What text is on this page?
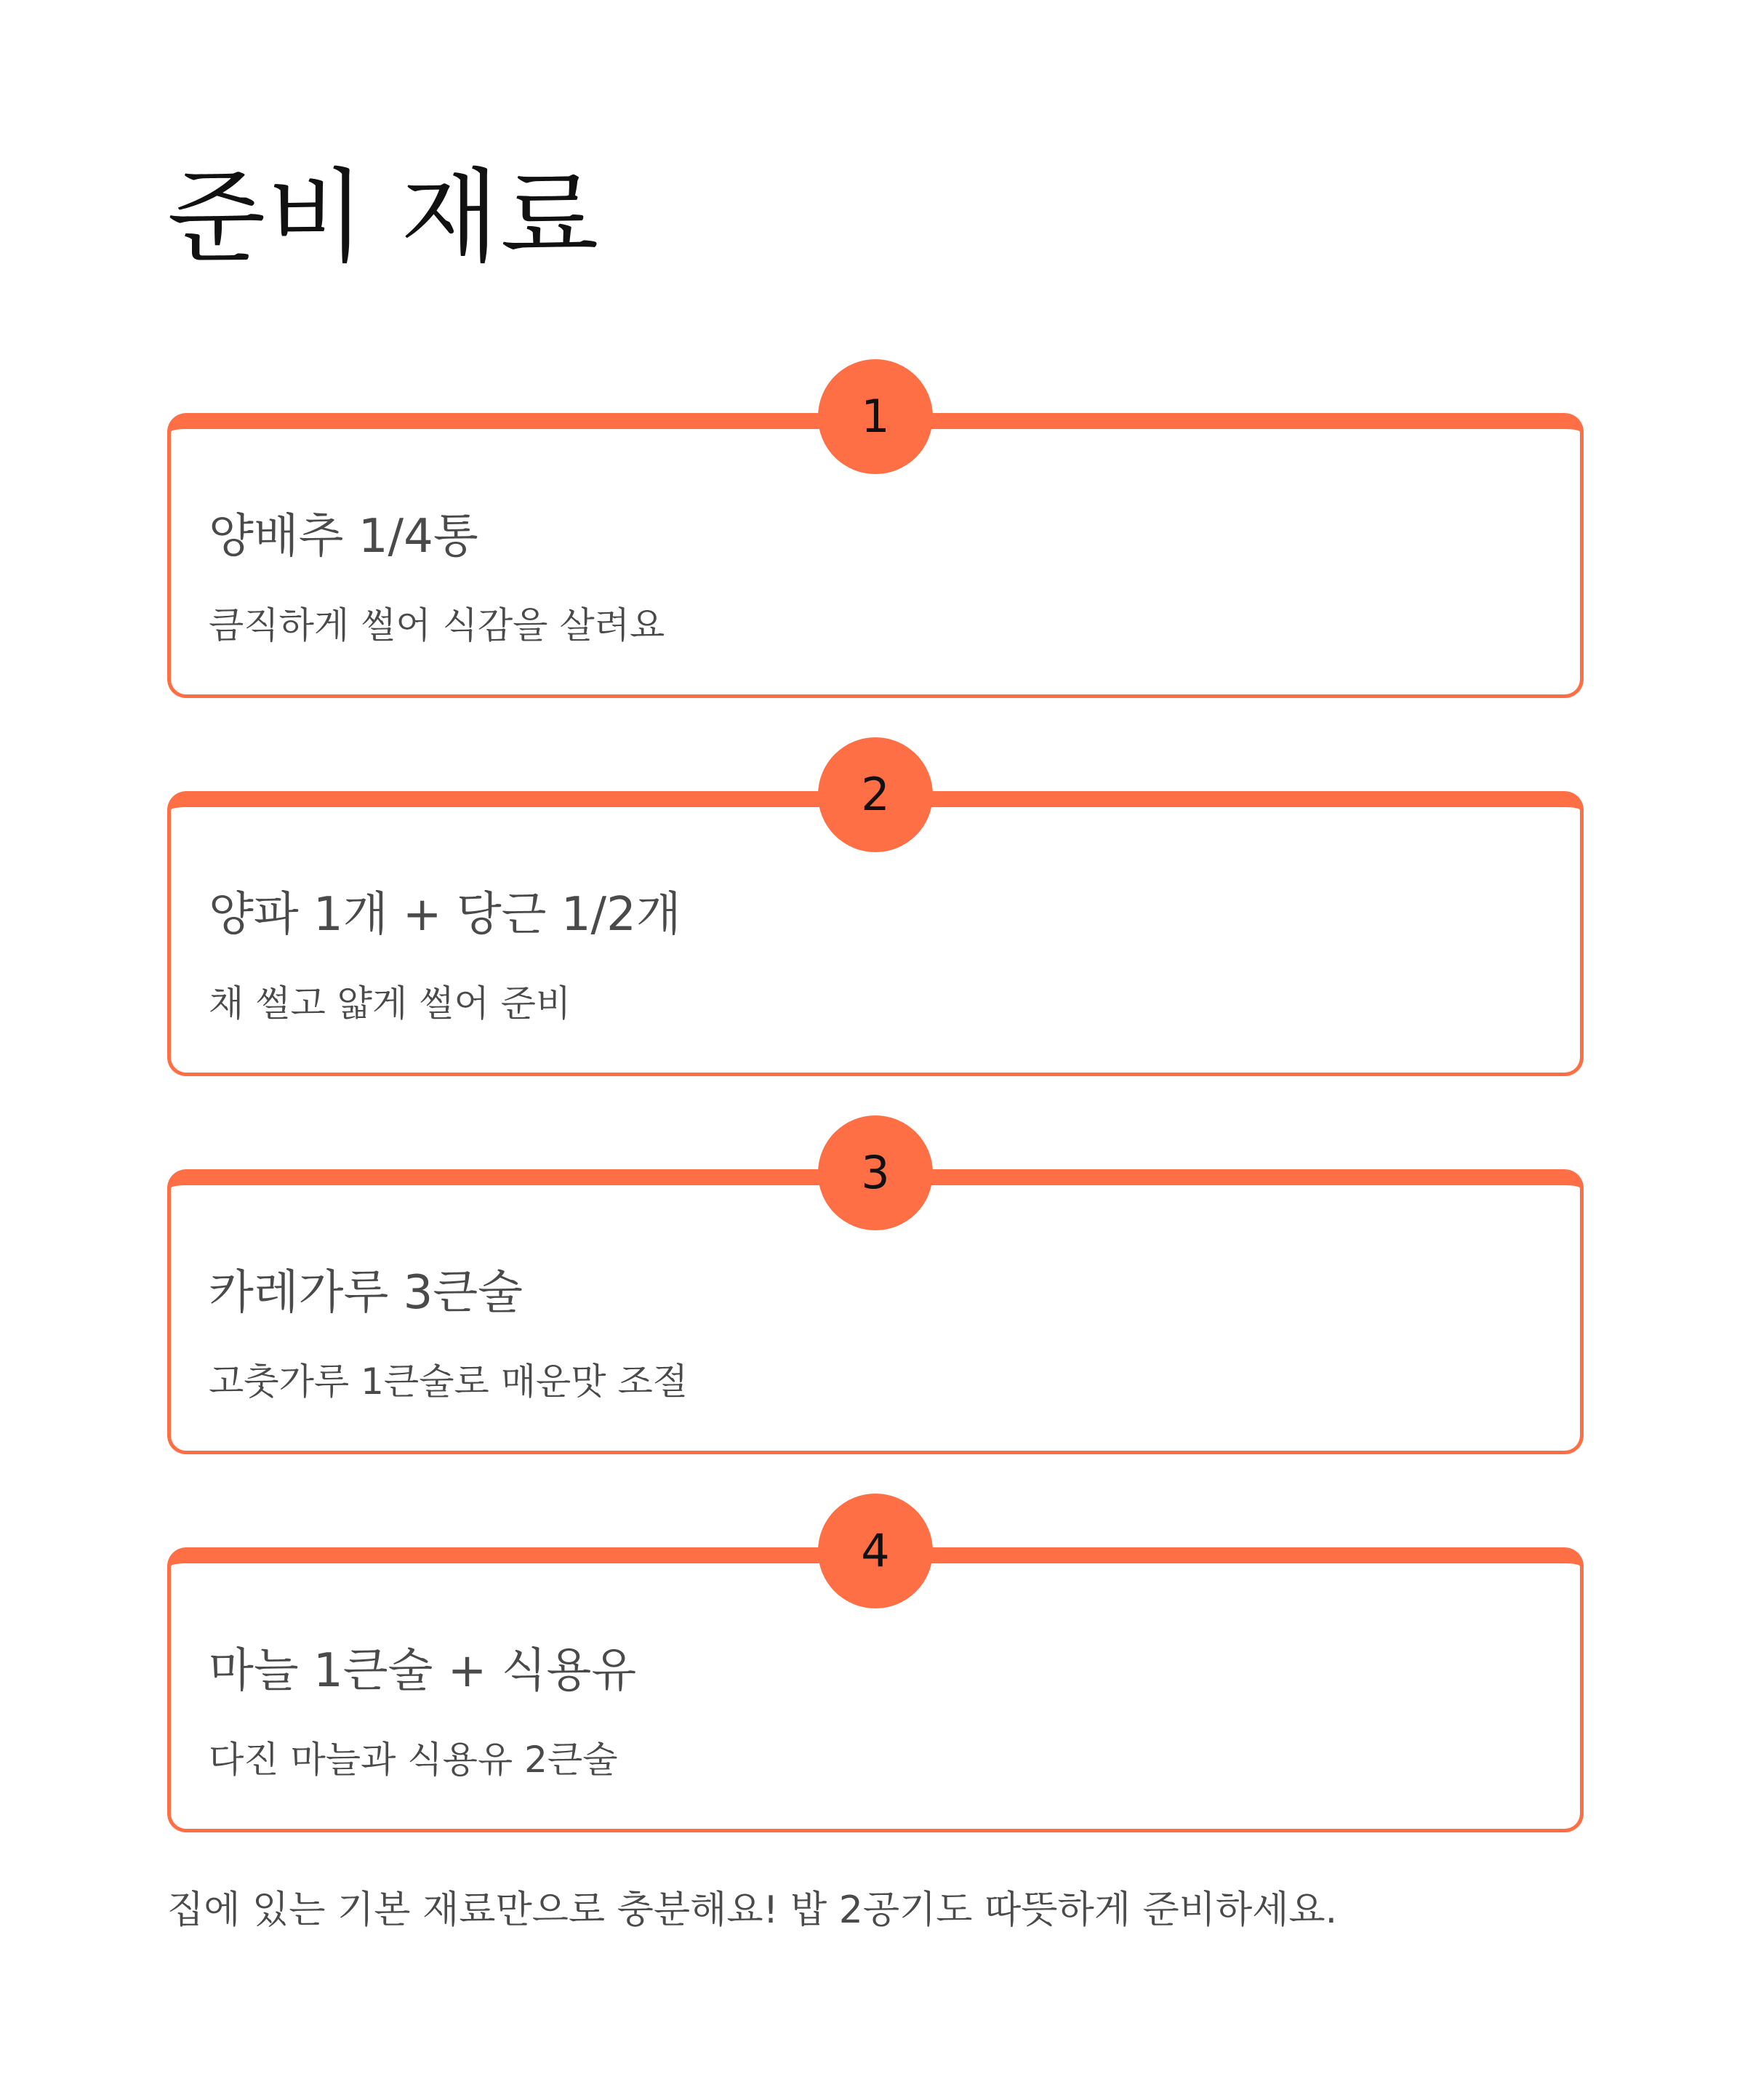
준비 재료
양배추 1/4통
큼직하게 썰어 식감을 살려요
1
양파 1개 + 당근 1/2개
채 썰고 얇게 썰어 준비
2
카레가루 3큰술
고춧가루 1큰술로 매운맛 조절
3
마늘 1큰술 + 식용유
다진 마늘과 식용유 2큰술
4

집에 있는 기본 재료만으로 충분해요! 밥 2공기도 따뜻하게 준비하세요.
